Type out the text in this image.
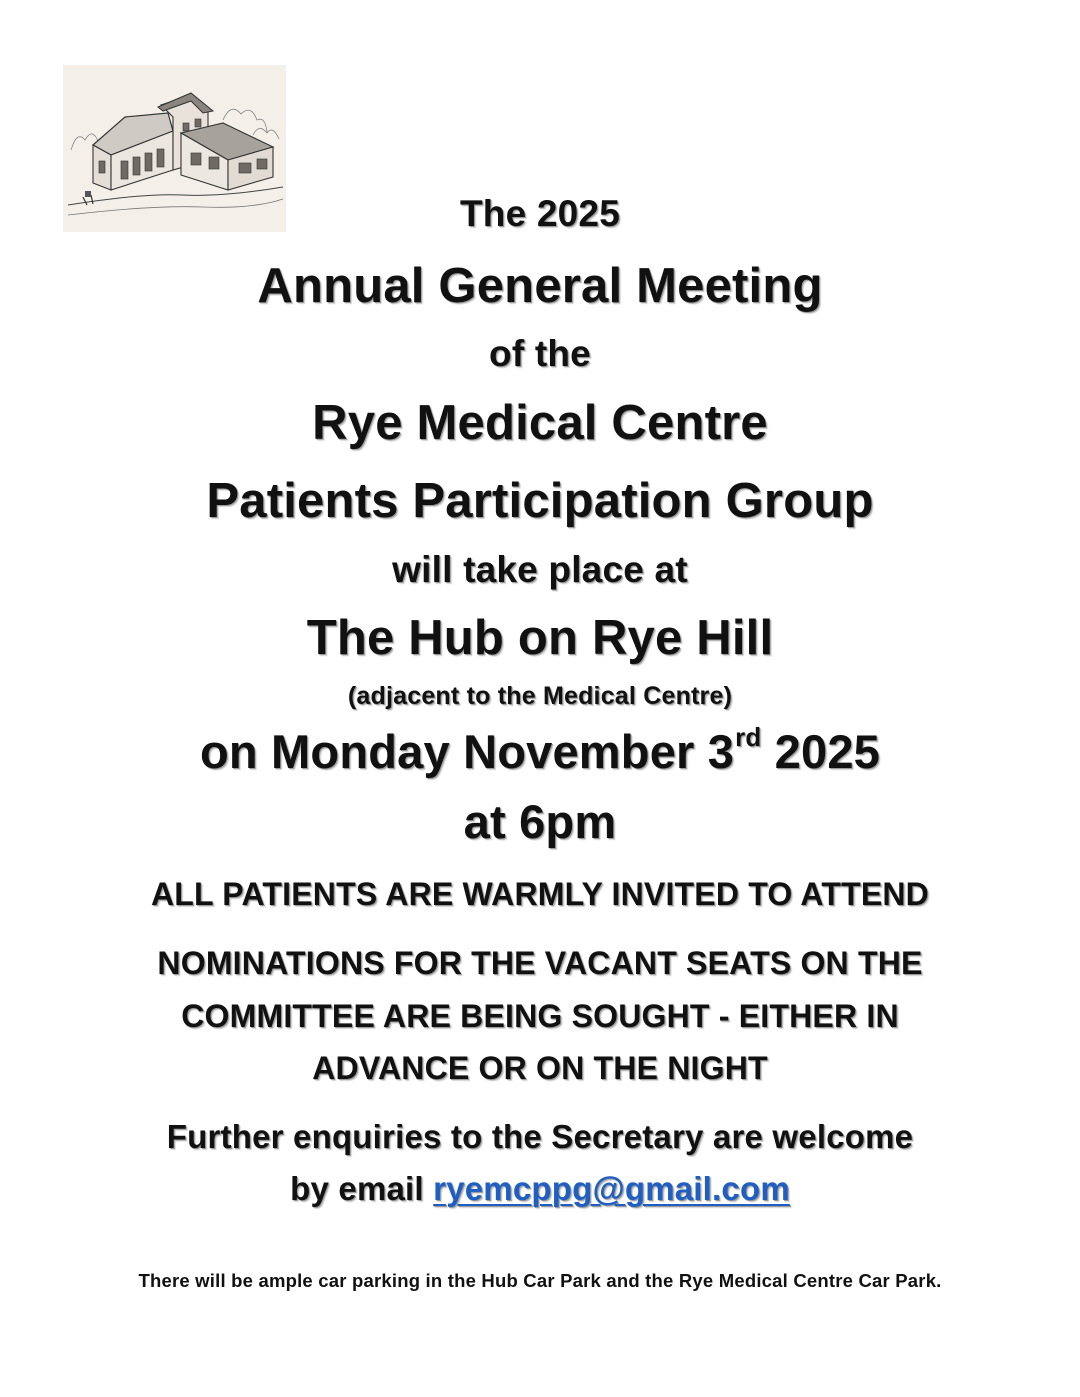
The 2025
Annual General Meeting
of the
Rye Medical Centre
Patients Participation Group
will take place at
The Hub on Rye Hill
(adjacent to the Medical Centre)
on Monday November 3rd 2025
at 6pm
ALL PATIENTS ARE WARMLY INVITED TO ATTEND
NOMINATIONS FOR THE VACANT SEATS ON THE
COMMITTEE ARE BEING SOUGHT - EITHER IN
ADVANCE OR ON THE NIGHT
Further enquiries to the Secretary are welcome
by email ryemcppg@gmail.com
There will be ample car parking in the Hub Car Park and the Rye Medical Centre Car Park.
